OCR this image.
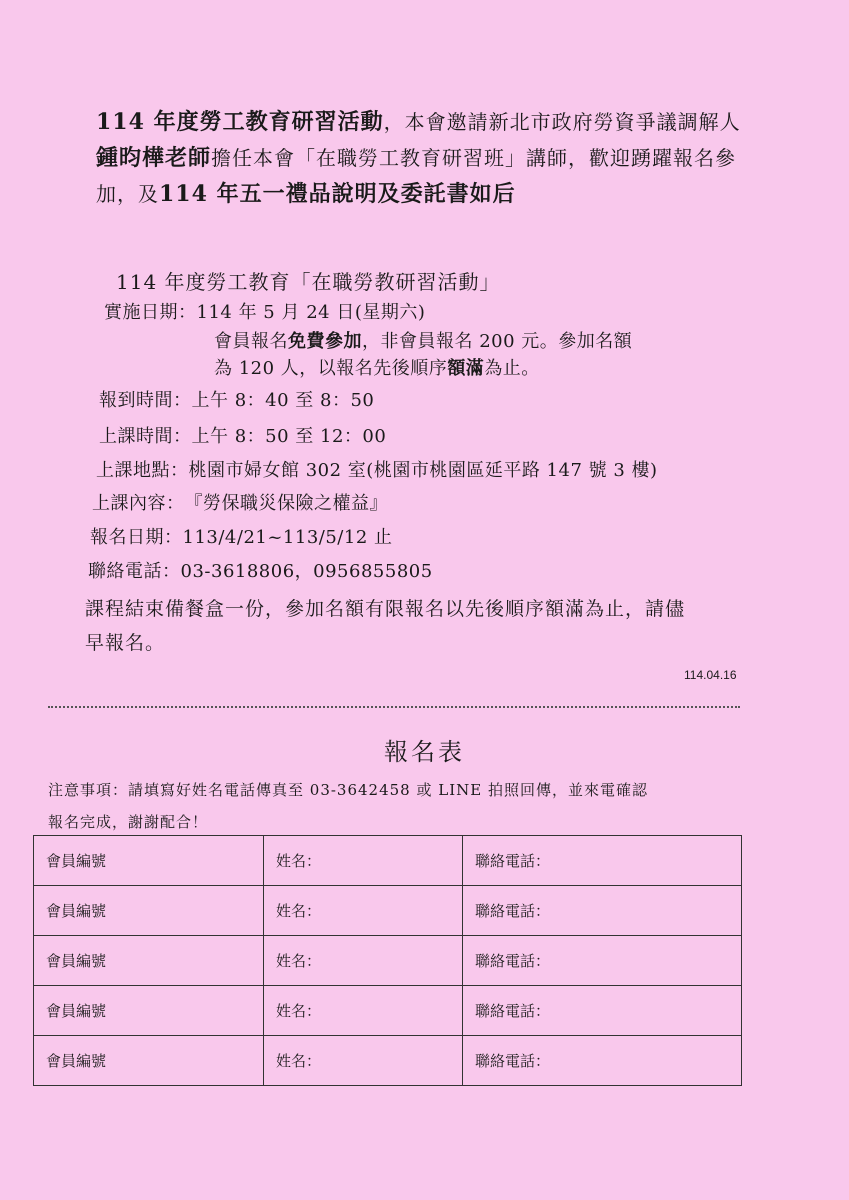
114 年度勞工教育研習活動，本會邀請新北市政府勞資爭議調解人
鍾昀樺老師擔任本會「在職勞工教育研習班」講師，歡迎踴躍報名參
加，及114 年五一禮品說明及委託書如后
114 年度勞工教育「在職勞教研習活動」
實施日期：114 年 5 月 24 日(星期六)
會員報名免費參加，非會員報名 200 元。參加名額
為 120 人，以報名先後順序額滿為止。
報到時間：上午 8：40 至 8：50
上課時間：上午 8：50 至 12：00
上課地點：桃園市婦女館 302 室(桃園市桃園區延平路 147 號 3 樓)
上課內容：『勞保職災保險之權益』
報名日期：113/4/21~113/5/12 止
聯絡電話：03-3618806，0956855805
課程結束備餐盒一份，參加名額有限報名以先後順序額滿為止，請儘
早報名。
114.04.16
報名表
注意事項：請填寫好姓名電話傳真至 03-3642458 或 LINE 拍照回傳，並來電確認
報名完成，謝謝配合！
會員編號	姓名：	聯絡電話：
會員編號	姓名：	聯絡電話：
會員編號	姓名：	聯絡電話：
會員編號	姓名：	聯絡電話：
會員編號	姓名：	聯絡電話：
